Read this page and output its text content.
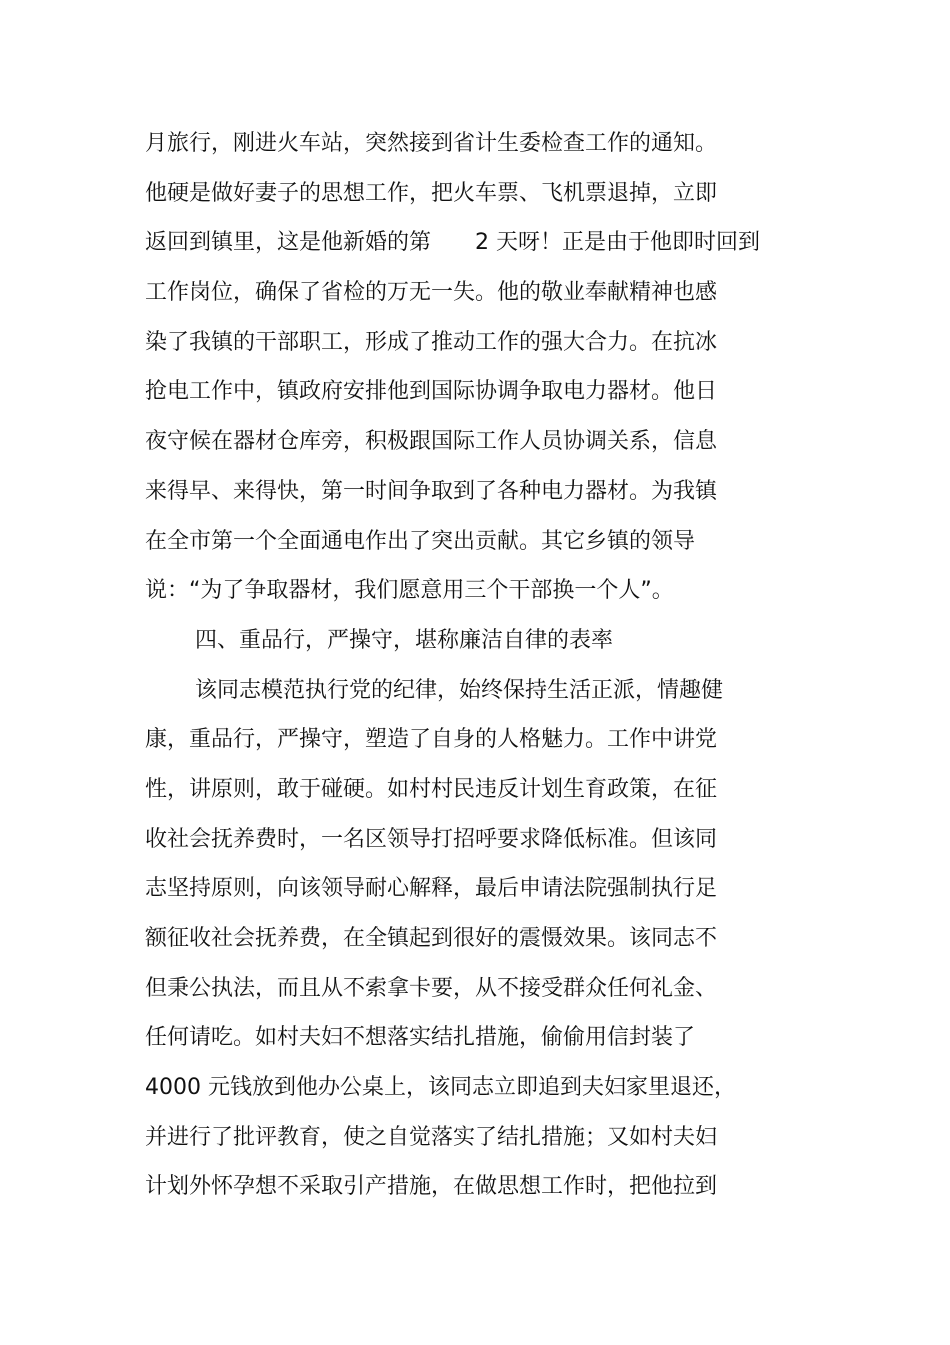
月旅行，刚进火车站，突然接到省计生委检查工作的通知。
他硬是做好妻子的思想工作，把火车票、飞机票退掉，立即
返回到镇里，这是他新婚的第　　2 天呀！正是由于他即时回到
工作岗位，确保了省检的万无一失。他的敬业奉献精神也感
染了我镇的干部职工，形成了推动工作的强大合力。在抗冰
抢电工作中，镇政府安排他到国际协调争取电力器材。他日
夜守候在器材仓库旁，积极跟国际工作人员协调关系，信息
来得早、来得快，第一时间争取到了各种电力器材。为我镇
在全市第一个全面通电作出了突出贡献。其它乡镇的领导
说：“为了争取器材，我们愿意用三个干部换一个人”。
四、重品行，严操守，堪称廉洁自律的表率
该同志模范执行党的纪律，始终保持生活正派，情趣健
康，重品行，严操守，塑造了自身的人格魅力。工作中讲党
性，讲原则，敢于碰硬。如村村民违反计划生育政策，在征
收社会抚养费时，一名区领导打招呼要求降低标准。但该同
志坚持原则，向该领导耐心解释，最后申请法院强制执行足
额征收社会抚养费，在全镇起到很好的震慑效果。该同志不
但秉公执法，而且从不索拿卡要，从不接受群众任何礼金、
任何请吃。如村夫妇不想落实结扎措施，偷偷用信封装了
4000 元钱放到他办公桌上，该同志立即追到夫妇家里退还，
并进行了批评教育，使之自觉落实了结扎措施；又如村夫妇
计划外怀孕想不采取引产措施，在做思想工作时，把他拉到
